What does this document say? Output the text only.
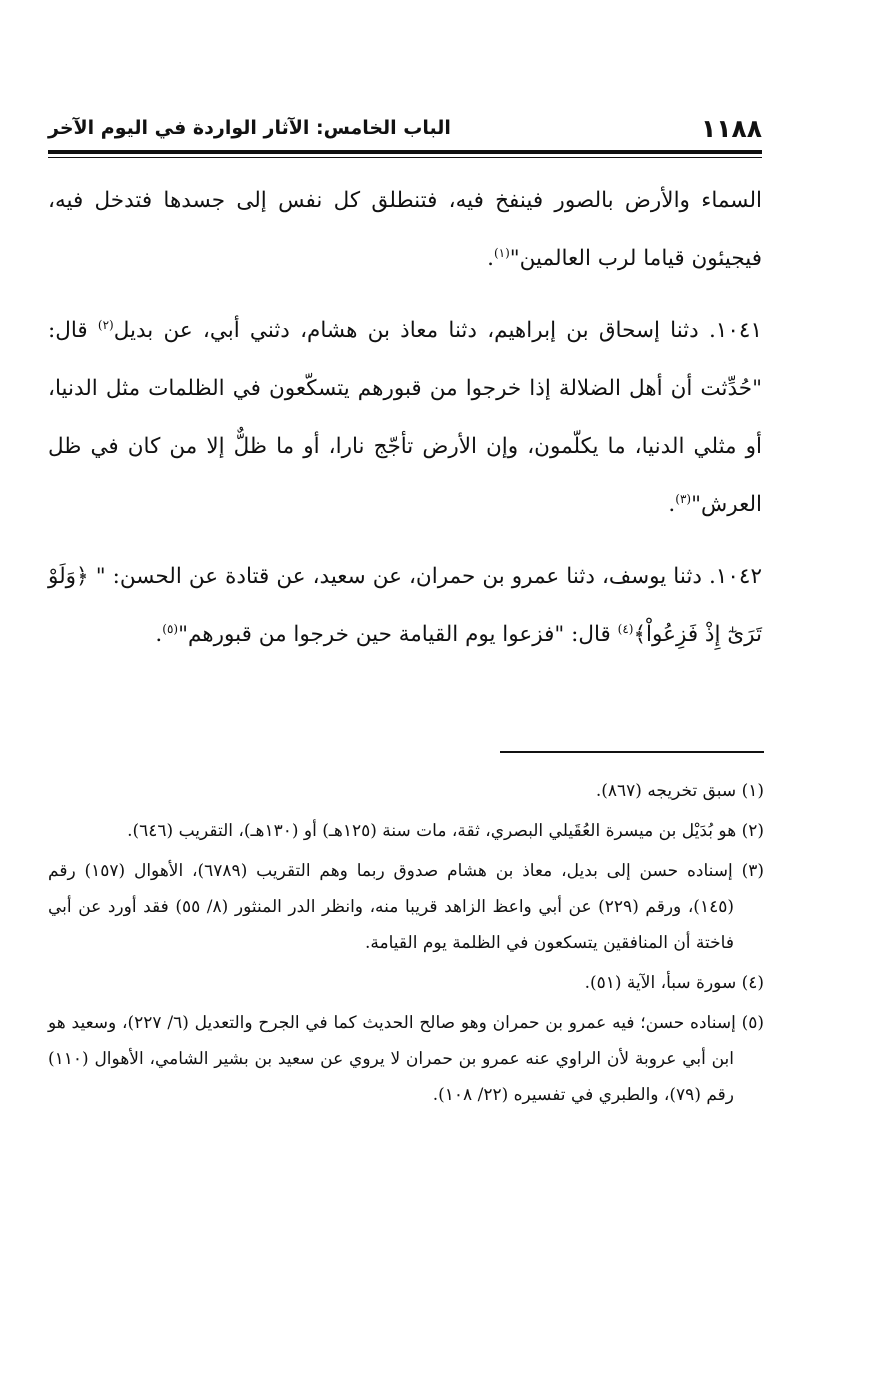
١١٨٨
الباب الخامس: الآثار الواردة في اليوم الآخر

السماء والأرض بالصور فينفخ فيه، فتنطلق كل نفس إلى جسدها فتدخل فيه، فيجيئون قياما لرب العالمين"$^{(١)}$.

١٠٤١. دثنا إسحاق بن إبراهيم، دثنا معاذ بن هشام، دثني أبي، عن بديل$^{(٢)}$ قال: "حُدِّثت أن أهل الضلالة إذا خرجوا من قبورهم يتسكّعون في الظلمات مثل الدنيا، أو مثلي الدنيا، ما يكلّمون، وإن الأرض تأجّج نارا، أو ما ظلٌّ إلا من كان في ظل العرش"$^{(٣)}$.

١٠٤٢. دثنا يوسف، دثنا عمرو بن حمران، عن سعيد، عن قتادة عن الحسن: " ﴿وَلَوْ تَرَىٰٓ إِذْ فَزِعُواْ﴾$^{(٤)}$ قال: "فزعوا يوم القيامة حين خرجوا من قبورهم"$^{(٥)}$.

(١) سبق تخريجه (٨٦٧).

(٢) هو بُدَيْل بن ميسرة العُقَيلي البصري، ثقة، مات سنة (١٢٥هـ) أو (١٣٠هـ)، التقريب (٦٤٦).

(٣) إسناده حسن إلى بديل، معاذ بن هشام صدوق ربما وهم التقريب (٦٧٨٩)، الأهوال (١٥٧) رقم (١٤٥)، ورقم (٢٢٩) عن أبي واعظ الزاهد قريبا منه، وانظر الدر المنثور (٨/ ٥٥) فقد أورد عن أبي فاختة أن المنافقين يتسكعون في الظلمة يوم القيامة.

(٤) سورة سبأ، الآية (٥١).

(٥) إسناده حسن؛ فيه عمرو بن حمران وهو صالح الحديث كما في الجرح والتعديل (٦/ ٢٢٧)، وسعيد هو ابن أبي عروبة لأن الراوي عنه عمرو بن حمران لا يروي عن سعيد بن بشير الشامي، الأهوال (١١٠) رقم (٧٩)، والطبري في تفسيره (٢٢/ ١٠٨).
